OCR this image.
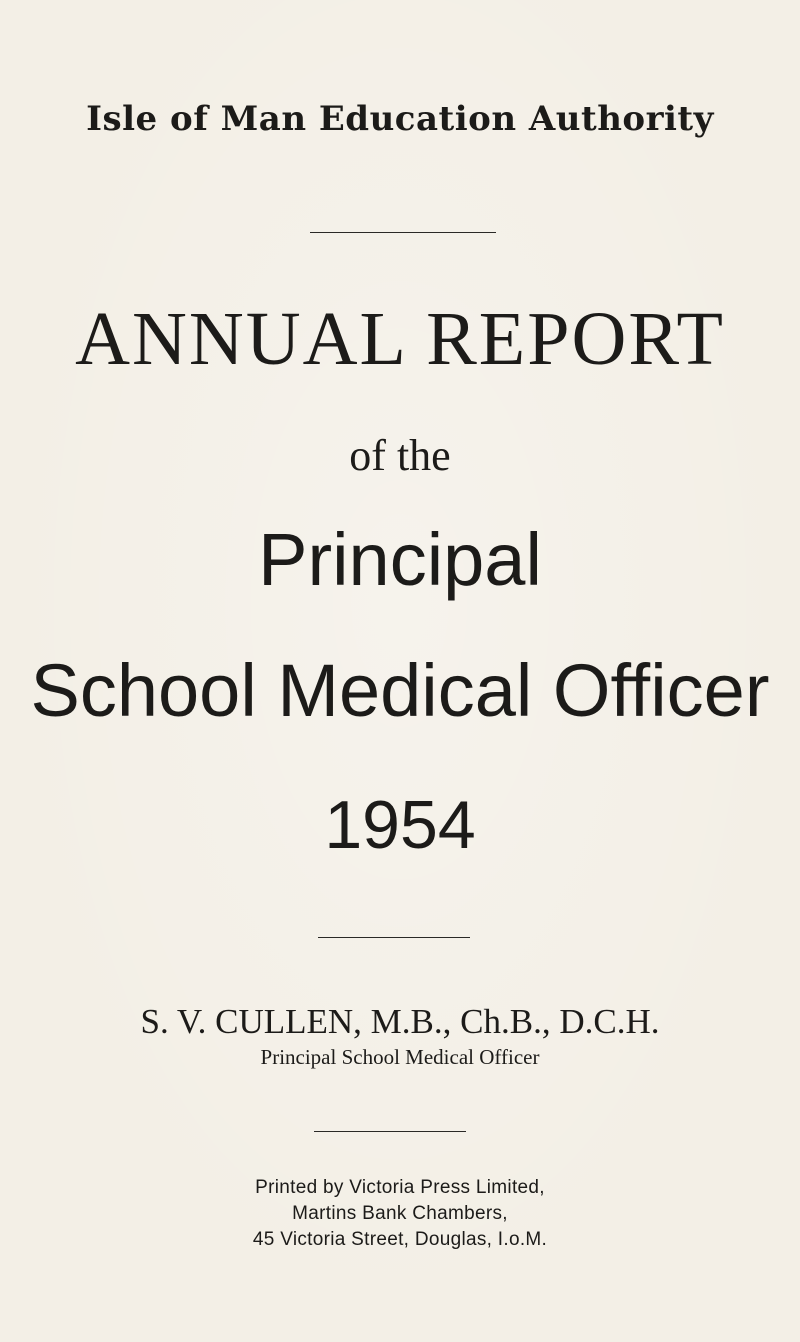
Isle of Man Education Authority
ANNUAL REPORT
of the
Principal
School Medical Officer
1954
S. V. CULLEN, M.B., Ch.B., D.C.H.
Principal School Medical Officer
Printed by Victoria Press Limited,
Martins Bank Chambers,
45 Victoria Street, Douglas, I.o.M.
